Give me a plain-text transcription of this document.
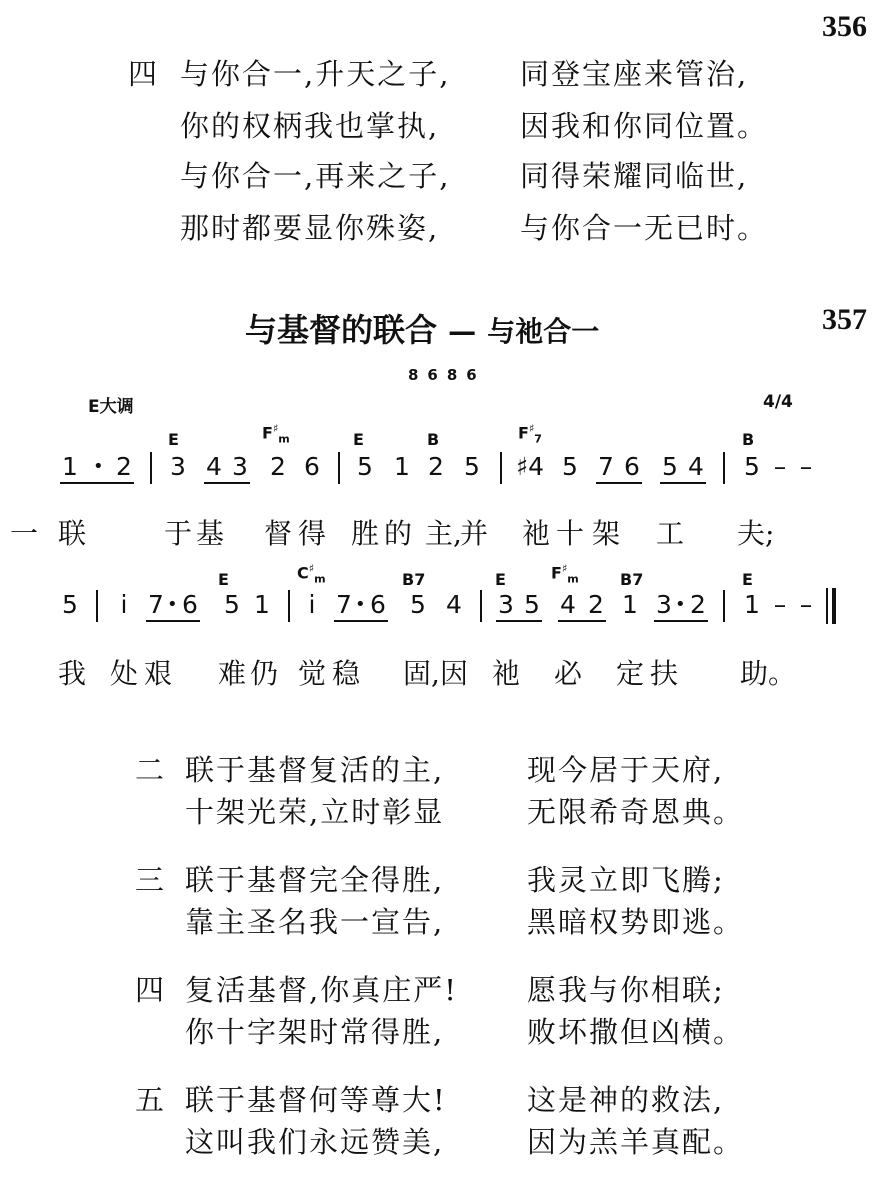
356
四 与你合一,升天之子, 同登宝座来管治,
你的权柄我也掌执,	因我和你同位置。
与你合一,再来之子, 同得荣耀同临世,
那时都要显你殊姿,	与你合一无已时。
与基督的联合 — 与祂合一	357
8686
E大调	4/4
E	$F^♯_m$	E	B	$F^♯_7$	B
1 • 2 3 4 3 2 6 5 1 2 5 ♯4 5 7 6 5 4 5 – –
一 联	于 基 督 得 胜 的 主,
并 祂 十 架 工 夫;
E	$C^♯_m$	B7	E	$F^♯_m$	B7	E
5 i 7 • 6 5 1 i 7 • 6 5 4 3 5 4 2 1 3 • 2 1 – –
我 处 艰 难 仍 觉 稳 固, 因 祂 必 定 扶 助。
二 联于基督复活的主,	现今居于天府,
十架光荣,立时彰显	无限希奇恩典。
三 联于基督完全得胜,	我灵立即飞腾;
靠主圣名我一宣告,	黑暗权势即逃。
四 复活基督,你真庄严! 愿我与你相联;
你十字架时常得胜,	败坏撒但凶横。
五 联于基督何等尊大!	这是神的救法,
这叫我们永远赞美,	因为羔羊真配。
